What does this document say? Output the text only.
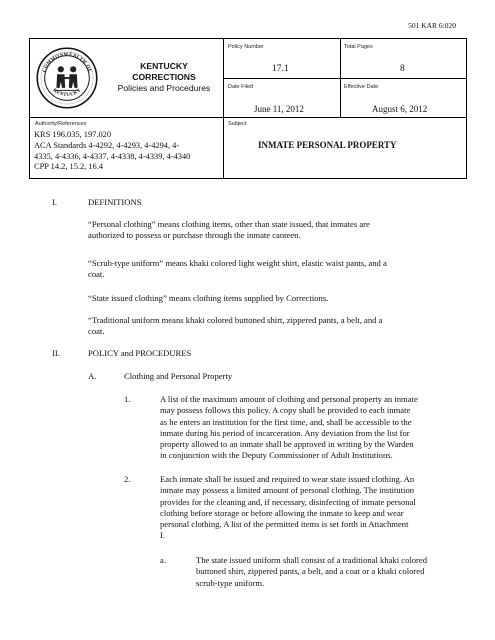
501 KAR 6:020
COMMONWEALTH OF
KENTUCKY
KENTUCKY
CORRECTIONS
Policies and Procedures
Policy Number
17.1
Total Pages
8
Date Filed
June 11, 2012
Effective Date
August 6, 2012
Authority/References
KRS 196.035, 197.020
ACA Standards 4-4292, 4-4293, 4-4294, 4-
4335, 4-4336, 4-4337, 4-4338, 4-4339, 4-4340
CPP 14.2, 15.2, 16.4
Subject
INMATE PERSONAL PROPERTY
I.	DEFINITIONS
“Personal clothing” means clothing items, other than state issued, that inmates are
authorized to possess or purchase through the inmate canteen.
“Scrub-type uniform” means khaki colored light weight shirt, elastic waist pants, and a
coat.
“State issued clothing” means clothing items supplied by Corrections.
“Traditional uniform means khaki colored buttoned shirt, zippered pants, a belt, and a
coat.
II.	POLICY and PROCEDURES
A.	Clothing and Personal Property
1.	A list of the maximum amount of clothing and personal property an inmate
may possess follows this policy. A copy shall be provided to each inmate
as he enters an institution for the first time, and, shall be accessible to the
inmate during his period of incarceration. Any deviation from the list for
property allowed to an inmate shall be approved in writing by the Warden
in conjunction with the Deputy Commissioner of Adult Institutions.
2.	Each inmate shall be issued and required to wear state issued clothing. An
inmate may possess a limited amount of personal clothing. The institution
provides for the cleaning and, if necessary, disinfecting of inmate personal
clothing before storage or before allowing the inmate to keep and wear
personal clothing. A list of the permitted items is set forth in Attachment
I.
a.	The state issued uniform shall consist of a traditional khaki colored
buttoned shirt, zippered pants, a belt, and a coat or a khaki colored
scrub-type uniform.
